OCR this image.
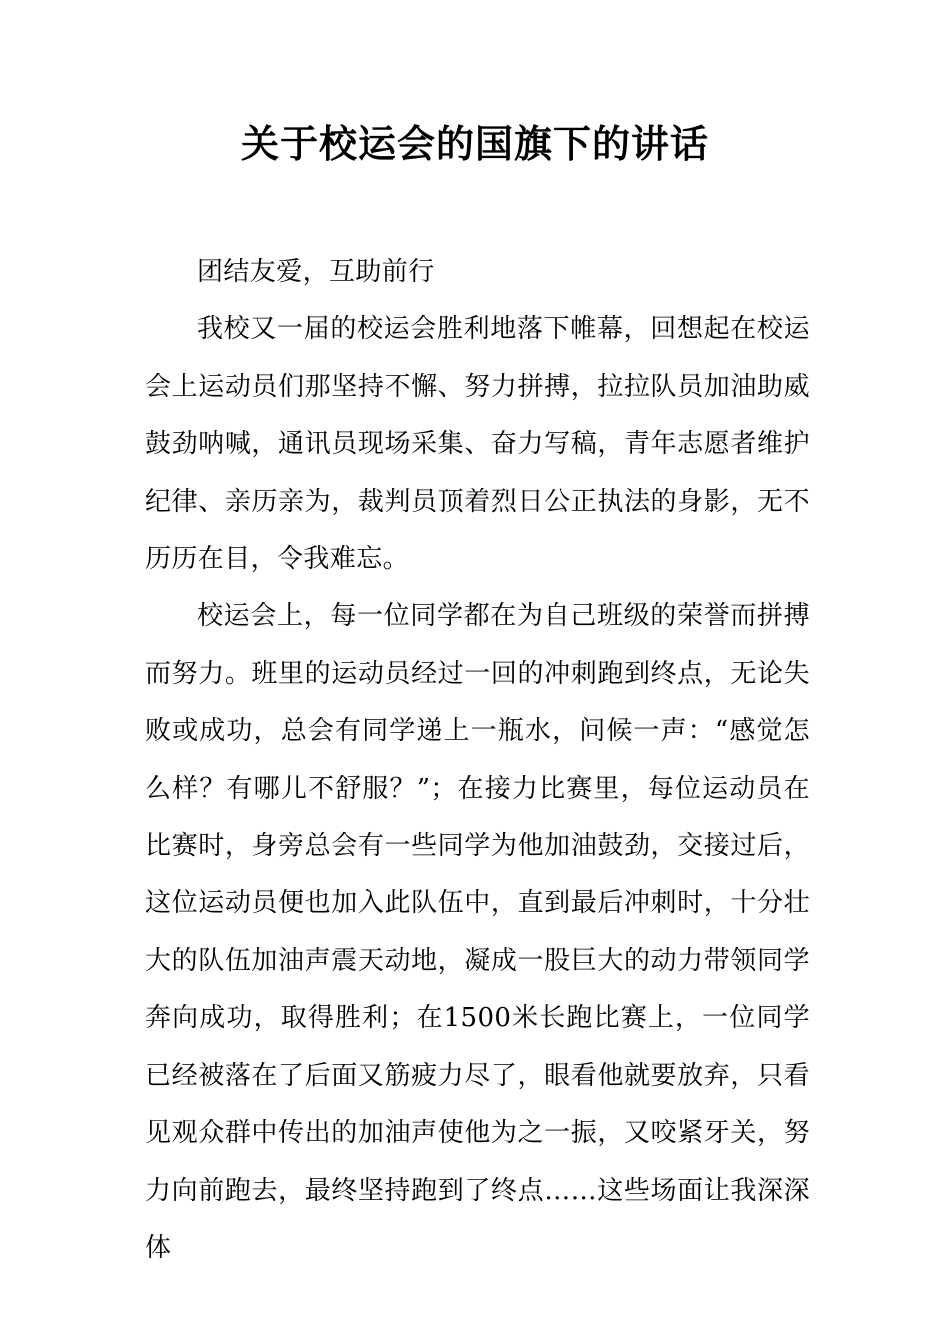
关于校运会的国旗下的讲话

团结友爱，互助前行

我校又一届的校运会胜利地落下帷幕，回想起在校运会上运动员们那坚持不懈、努力拼搏，拉拉队员加油助威鼓劲呐喊，通讯员现场采集、奋力写稿，青年志愿者维护纪律、亲历亲为，裁判员顶着烈日公正执法的身影，无不历历在目，令我难忘。

校运会上，每一位同学都在为自己班级的荣誉而拼搏而努力。班里的运动员经过一回的冲刺跑到终点，无论失败或成功，总会有同学递上一瓶水，问候一声：“感觉怎么样？有哪儿不舒服？”；在接力比赛里，每位运动员在比赛时，身旁总会有一些同学为他加油鼓劲，交接过后，这位运动员便也加入此队伍中，直到最后冲刺时，十分壮大的队伍加油声震天动地，凝成一股巨大的动力带领同学奔向成功，取得胜利；在1500米长跑比赛上，一位同学已经被落在了后面又筋疲力尽了，眼看他就要放弃，只看见观众群中传出的加油声使他为之一振，又咬紧牙关，努力向前跑去，最终坚持跑到了终点……这些场面让我深深体
